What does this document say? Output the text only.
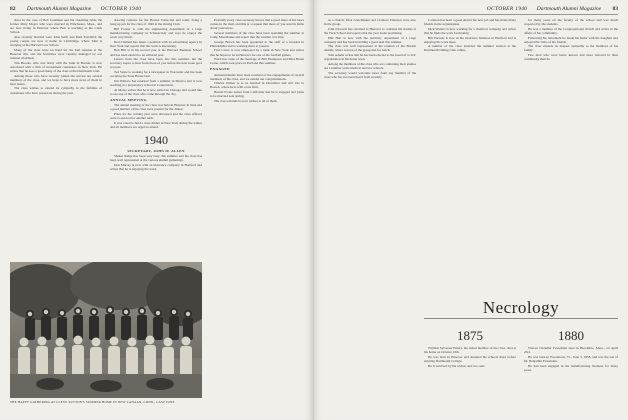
82 Dartmouth Alumni Magazine OCTOBER 1940

dress in the case of Bob Cushman and his charming bride the former Mary Moyer who were married in Winchester, Mass., and are now living in Hanover where Bob is teaching at the Clark School.

Also recently married were John Swift and Ruth Fairchild; the young couple are now at home in Cambridge, where John is studying at the Harvard Law School.

Many of the class were on hand for the Fall reunion at the Hanover Inn, and the festivities were capably managed by our reunion chairman.

Tim Brooks, who was lately with the bank in Boston, is now associated with a firm of investment counselors in New York. He writes that he sees a good many of the class at the Dartmouth Club.

Among those who have recently joined the service are several members of the class, and we hope to have more news of them in later issues.

The class wishes to extend its sympathy to the families of classmates who have passed on during the year.

drawing contests for the Boston Transcript and really doing a bang up job for the class of 1940 at the Outing Club.

Bill Forster is with the engineering department of a large manufacturing company in Schenectady and says he enjoys the work very much.

Rod Clement has taken a position with an advertising agency in New York and reports that the work is interesting.

Bob Hill is in his second year at the Harvard Business School and has been elected to an editorial post.

Letters from the class have been few this summer, but the secretary hopes to hear from more of you before the next issue goes to press.

Ted Stone is working for a newspaper in Worcester and has been covering the State House beat.

Jim Wallace has returned from a summer in Mexico and is now teaching at a preparatory school in Connecticut.

Al Morse writes that he is now settled in Chicago and would like to see any of the class who come through the city.

ANNUAL MEETING

The annual meeting of the class was held in Hanover in June and a good number of the class were present for the dinner.

Plans for the coming year were discussed and the class officers were re-elected for another term.

It was voted to hold a class dinner in New York during the winter and all members are urged to attend.

1940
SECRETARY, JOHN M. ALLEN

Shaker Ridge has been very busy this summer and the class has been well represented at the various alumni gatherings.

Don Murray is now with an insurance company in Hartford and writes that he is enjoying the work.

Probably every class secretary knows that a good share of his news comes in the mail, and this is a request that more of you send in items about yourselves.

Several members of the class have been spending the summer at Camp Moosilauke and report that the weather was fine.

George Brown has been appointed to the staff of a hospital in Philadelphia and is working there at present.

Fred Carter is now employed by a bank in New York and writes that he hopes to be in Hanover for one of the football games.

Word has come of the marriage of Bill Thompson and Miss Helen Crane, which took place in Portland this summer.

ENGAGED

Announcements have been received of the engagements of several members of the class, and we extend our congratulations.

Charles Walker is to be married in December and will live in Boston, where he is with a law firm.

Harold Evans writes from California that he is engaged and plans to be married next spring.

The class extends its best wishes to all of them.

THE HAPPY GATHERING AT CLEVE SUTTON'S SUMMER HOME IN NEW CANAAN, CONN., LAST JUNE
OCTOBER 1940 Dartmouth Alumni Magazine 83

as a church, Dick Gleichmann and Clabbert Emerson were also in the group.

John Edwards has returned to Hanover to continue his studies at the Tuck School and reports that the year looks promising.

Phil Hart is now with the publicity department of a large company and has been travelling a good deal this summer.

The class was well represented at the reunion of the Boston alumni, where several of the group met for lunch.

Tom Adams writes that he has been elected to the board of a civic organization in his home town.

Among the members of the class who are continuing their studies are a number at the medical and law schools.

The secretary would welcome news from any member of the class who has not been heard from recently.

Carleton has been a good deal in his new job and has made many friends in the organization.

Dick Walters is now working for a chemical company and writes that he finds the work fascinating.

Bill Parsons is now in the insurance business in Hartford and is enjoying his work there.

A number of the class attended the summer session at the Dartmouth Outing Club cabins.

for many years on the faculty of the school and was much respected by the students.

He was a member of the Congregational church and active in the affairs of his community.

Following his retirement he made his home with his daughter and enjoyed the visits of his friends.

The class extends its deepest sympathy to the members of his family.

Few men who were better known and more beloved in their community than he.

Necrology
1875

William Sylvester Emery, the oldest member of the class, died at his home on October 10th.

He was born in Hanover and attended the schools there before entering Dartmouth College.

He is survived by his widow and two sons.

1880

Warren Chandler Fessenden died in Brookline, Mass., on April 23rd.

He was born in Woodstock, Vt., June 3, 1858, and was the son of Dr. Benjamin Fessenden.

He had been engaged in the manufacturing business for many years.
